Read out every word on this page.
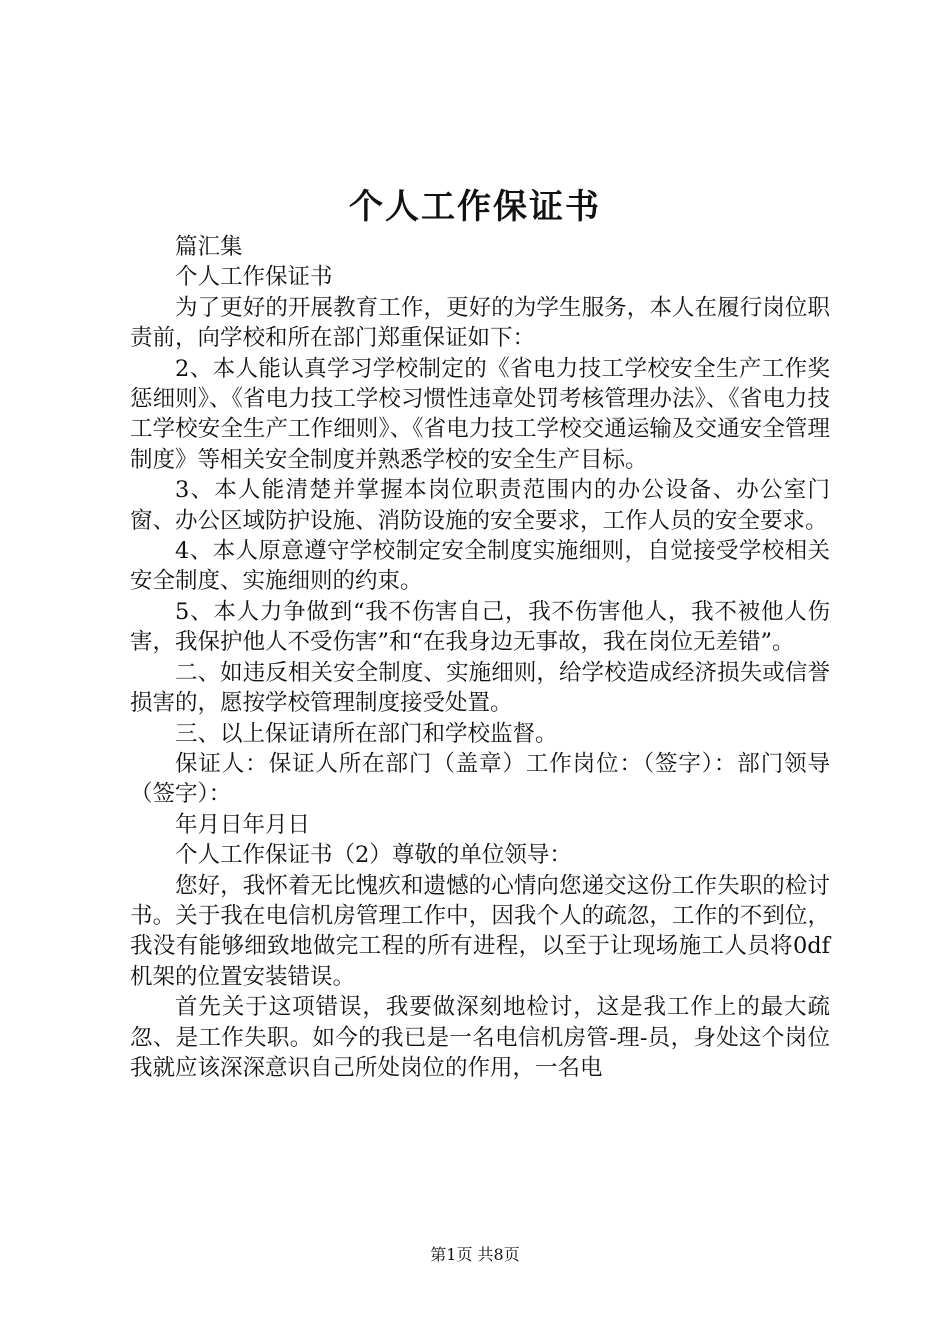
个人工作保证书

篇汇集

个人工作保证书

为了更好的开展教育工作，更好的为学生服务，本人在履行岗位职责前，向学校和所在部门郑重保证如下：

2、本人能认真学习学校制定的《省电力技工学校安全生产工作奖惩细则》、《省电力技工学校习惯性违章处罚考核管理办法》、《省电力技工学校安全生产工作细则》、《省电力技工学校交通运输及交通安全管理制度》等相关安全制度并熟悉学校的安全生产目标。

3、本人能清楚并掌握本岗位职责范围内的办公设备、办公室门窗、办公区域防护设施、消防设施的安全要求，工作人员的安全要求。

4、本人原意遵守学校制定安全制度实施细则，自觉接受学校相关安全制度、实施细则的约束。

5、本人力争做到“我不伤害自己，我不伤害他人，我不被他人伤害，我保护他人不受伤害”和“在我身边无事故，我在岗位无差错”。

二、如违反相关安全制度、实施细则，给学校造成经济损失或信誉损害的，愿按学校管理制度接受处置。

三、以上保证请所在部门和学校监督。

保证人：保证人所在部门（盖章）工作岗位：（签字）：部门领导（签字）：

年月日年月日

个人工作保证书（2）尊敬的单位领导：

您好，我怀着无比愧疚和遗憾的心情向您递交这份工作失职的检讨书。关于我在电信机房管理工作中，因我个人的疏忽，工作的不到位，我没有能够细致地做完工程的所有进程，以至于让现场施工人员将0df机架的位置安装错误。

首先关于这项错误，我要做深刻地检讨，这是我工作上的最大疏忽、是工作失职。如今的我已是一名电信机房管-理-员，身处这个岗位我就应该深深意识自己所处岗位的作用，一名电

第1页 共8页
